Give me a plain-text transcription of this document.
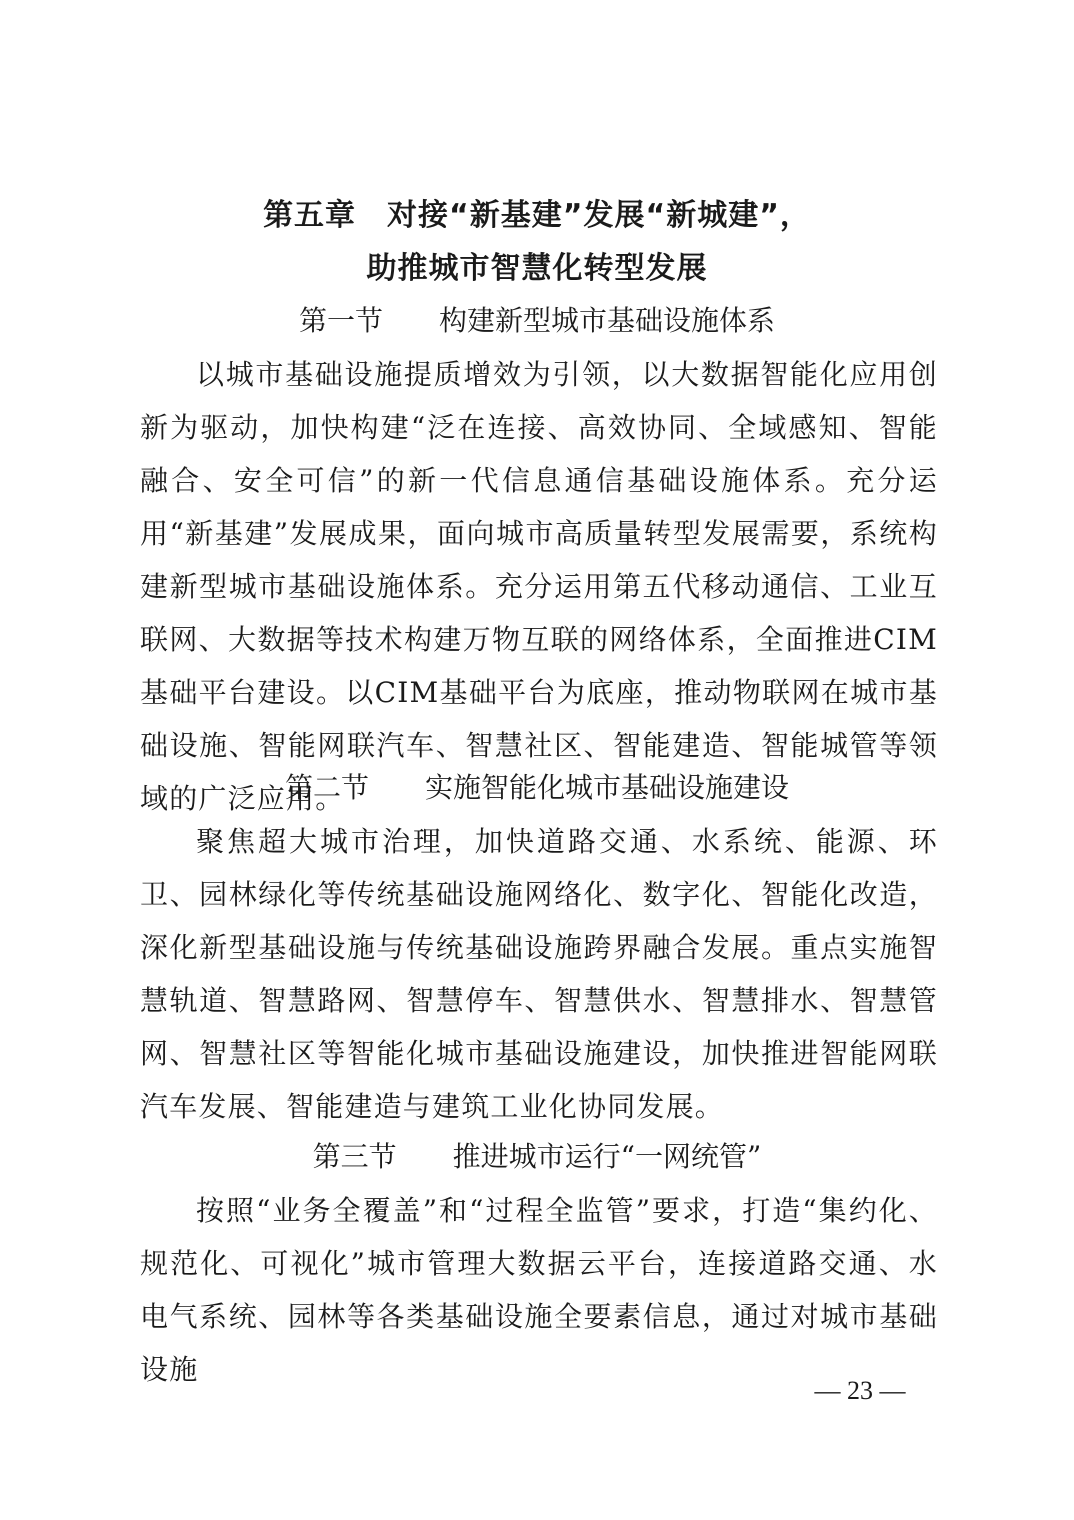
第五章　对接“新基建”发展“新城建”，
助推城市智慧化转型发展
第一节　　构建新型城市基础设施体系

以城市基础设施提质增效为引领，以大数据智能化应用创新为驱动，加快构建“泛在连接、高效协同、全域感知、智能融合、安全可信”的新一代信息通信基础设施体系。充分运用“新基建”发展成果，面向城市高质量转型发展需要，系统构建新型城市基础设施体系。充分运用第五代移动通信、工业互联网、大数据等技术构建万物互联的网络体系，全面推进CIM基础平台建设。以CIM基础平台为底座，推动物联网在城市基础设施、智能网联汽车、智慧社区、智能建造、智能城管等领域的广泛应用。

第二节　　实施智能化城市基础设施建设

聚焦超大城市治理，加快道路交通、水系统、能源、环卫、园林绿化等传统基础设施网络化、数字化、智能化改造，深化新型基础设施与传统基础设施跨界融合发展。重点实施智慧轨道、智慧路网、智慧停车、智慧供水、智慧排水、智慧管网、智慧社区等智能化城市基础设施建设，加快推进智能网联汽车发展、智能建造与建筑工业化协同发展。

第三节　　推进城市运行“一网统管”

按照“业务全覆盖”和“过程全监管”要求，打造“集约化、规范化、可视化”城市管理大数据云平台，连接道路交通、水电气系统、园林等各类基础设施全要素信息，通过对城市基础设施

— 23 —
